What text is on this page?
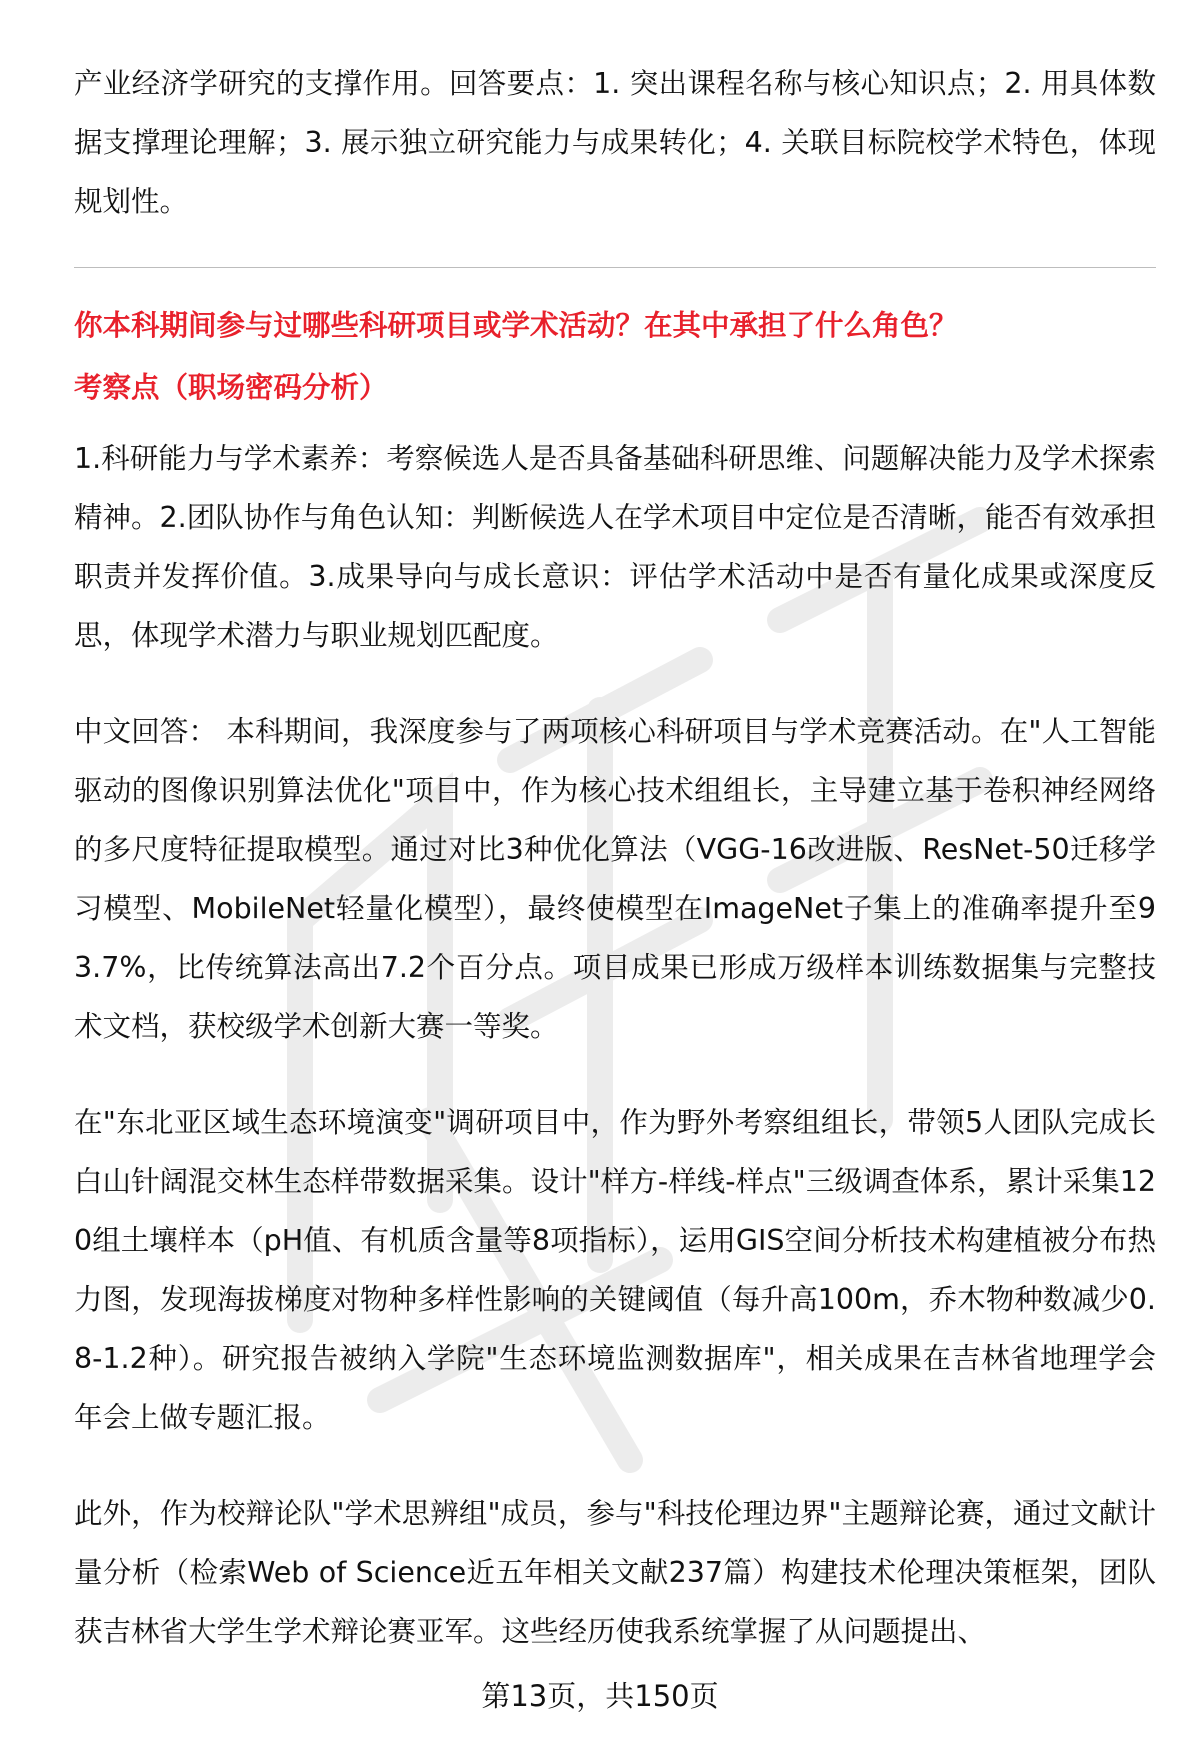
产业经济学研究的支撑作用。回答要点：1. 突出课程名称与核心知识点；2. 用具体数据支撑理论理解；3. 展示独立研究能力与成果转化；4. 关联目标院校学术特色，体现规划性。

你本科期间参与过哪些科研项目或学术活动？在其中承担了什么角色？

考察点（职场密码分析）

1.科研能力与学术素养：考察候选人是否具备基础科研思维、问题解决能力及学术探索精神。2.团队协作与角色认知：判断候选人在学术项目中定位是否清晰，能否有效承担职责并发挥价值。3.成果导向与成长意识：评估学术活动中是否有量化成果或深度反思，体现学术潜力与职业规划匹配度。

中文回答： 本科期间，我深度参与了两项核心科研项目与学术竞赛活动。在"人工智能驱动的图像识别算法优化"项目中，作为核心技术组组长，主导建立基于卷积神经网络的多尺度特征提取模型。通过对比3种优化算法（VGG-16改进版、ResNet-50迁移学习模型、MobileNet轻量化模型），最终使模型在ImageNet子集上的准确率提升至93.7%，比传统算法高出7.2个百分点。项目成果已形成万级样本训练数据集与完整技术文档，获校级学术创新大赛一等奖。

在"东北亚区域生态环境演变"调研项目中，作为野外考察组组长，带领5人团队完成长白山针阔混交林生态样带数据采集。设计"样方-样线-样点"三级调查体系，累计采集120组土壤样本（pH值、有机质含量等8项指标），运用GIS空间分析技术构建植被分布热力图，发现海拔梯度对物种多样性影响的关键阈值（每升高100m，乔木物种数减少0.8-1.2种）。研究报告被纳入学院"生态环境监测数据库"，相关成果在吉林省地理学会年会上做专题汇报。

此外，作为校辩论队"学术思辨组"成员，参与"科技伦理边界"主题辩论赛，通过文献计量分析（检索Web of Science近五年相关文献237篇）构建技术伦理决策框架，团队获吉林省大学生学术辩论赛亚军。这些经历使我系统掌握了从问题提出、

第13页，共150页
